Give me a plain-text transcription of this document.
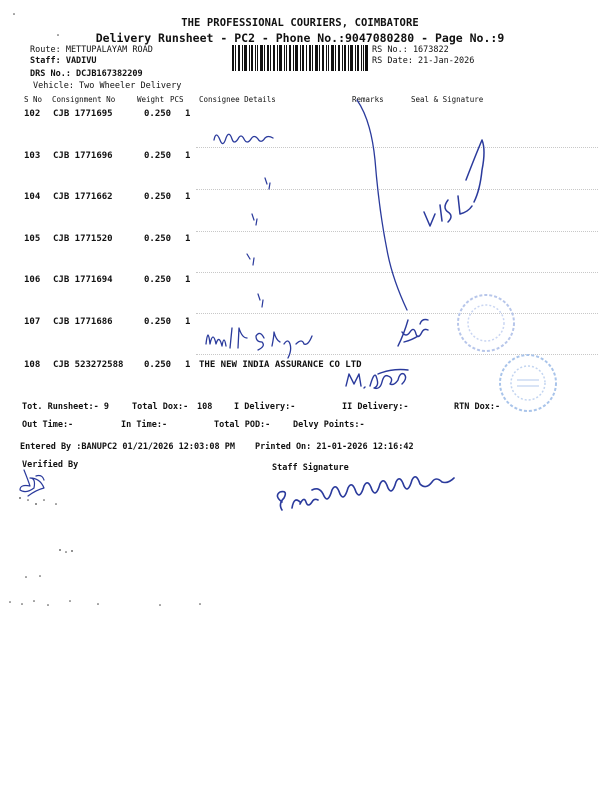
THE PROFESSIONAL COURIERS, COIMBATORE
Delivery Runsheet - PC2 - Phone No.:9047080280 - Page No.:9
Route: METTUPALAYAM ROAD
Staff: VADIVU
DRS No.: DCJB167382209
Vehicle: Two Wheeler Delivery
RS No.: 1673822
RS Date: 21-Jan-2026
S No Consignment No	Weight PCS Consignee Details	Remarks	Seal & Signature
102 CJB 1771695	0.250 1
103 CJB 1771696	0.250 1
104 CJB 1771662	0.250 1
105 CJB 1771520	0.250 1
106 CJB 1771694	0.250 1
107 CJB 1771686	0.250 1
108 CJB 523272588 0.250 1 THE NEW INDIA ASSURANCE CO LTD
Tot. Runsheet:- 9	Total Dox:- 108	I Delivery:-	II Delivery:-	RTN Dox:-
Out Time:-	In Time:-	Total POD:-	Delvy Points:-
Entered By :BANUPC2 01/21/2026 12:03:08 PM Printed On: 21-01-2026 12:16:42
Verified By	Staff Signature
